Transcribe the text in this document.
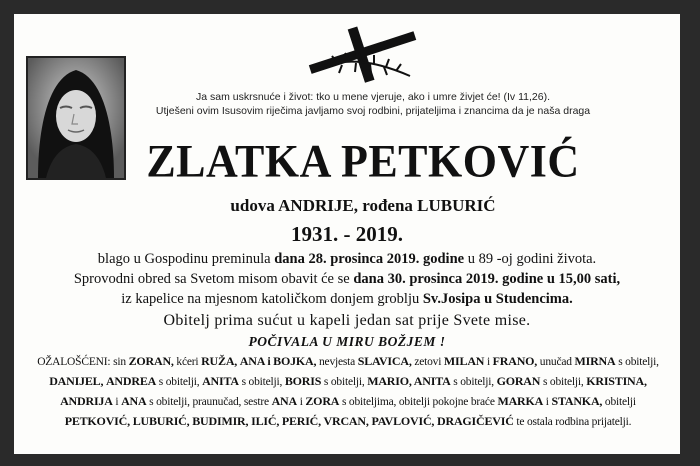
Ja sam uskrsnuće i život: tko u mene vjeruje, ako i umre živjet će! (Iv 11,26).
Utješeni ovim Isusovim riječima javljamo svoj rodbini, prijateljima i znancima da je naša draga
ZLATKA PETKOVIĆ
udova ANDRIJE, rođena LUBURIĆ
1931. - 2019.
blago u Gospodinu preminula dana 28. prosinca 2019. godine u 89 -oj godini života.
Sprovodni obred sa Svetom misom obavit će se dana 30. prosinca 2019. godine u 15,00 sati,
iz kapelice na mjesnom katoličkom donjem groblju Sv.Josipa u Studencima.
Obitelj prima sućut u kapeli jedan sat prije Svete mise.
POČIVALA U MIRU BOŽJEM !
OŽALOŠĆENI: sin ZORAN, kćeri RUŽA, ANA i BOJKA, nevjesta SLAVICA, zetovi MILAN i FRANO, unučad MIRNA s obitelji, DANIJEL, ANDREA s obitelji, ANITA s obitelji, BORIS s obitelji, MARIO, ANITA s obitelji, GORAN s obitelji, KRISTINA, ANDRIJA i ANA s obitelji, praunučad, sestre ANA i ZORA s obiteljima, obitelji pokojne braće MARKA i STANKA, obitelji PETKOVIĆ, LUBURIĆ, BUDIMIR, ILIĆ, PERIĆ, VRCAN, PAVLOVIĆ, DRAGIČEVIĆ te ostala rodbina prijatelji.
